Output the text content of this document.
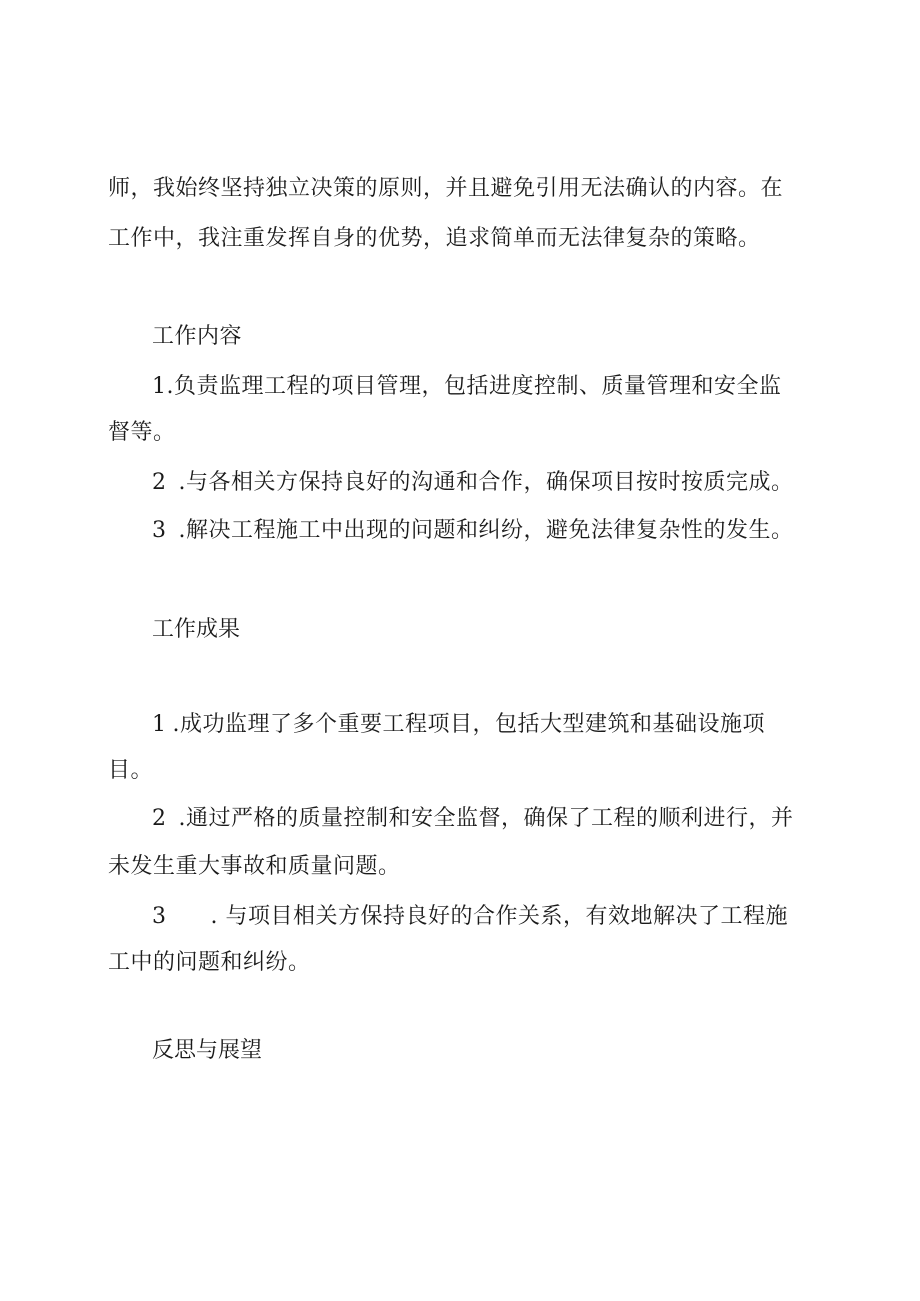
师，我始终坚持独立决策的原则，并且避免引用无法确认的内容。在
工作中，我注重发挥自身的优势，追求简单而无法律复杂的策略。
工作内容
1.负责监理工程的项目管理，包括进度控制、质量管理和安全监
督等。
2 .与各相关方保持良好的沟通和合作，确保项目按时按质完成。
3 .解决工程施工中出现的问题和纠纷，避免法律复杂性的发生。
工作成果
1 .成功监理了多个重要工程项目，包括大型建筑和基础设施项
目。
2 .通过严格的质量控制和安全监督，确保了工程的顺利进行，并
未发生重大事故和质量问题。
3 . 与项目相关方保持良好的合作关系，有效地解决了工程施
工中的问题和纠纷。
反思与展望
